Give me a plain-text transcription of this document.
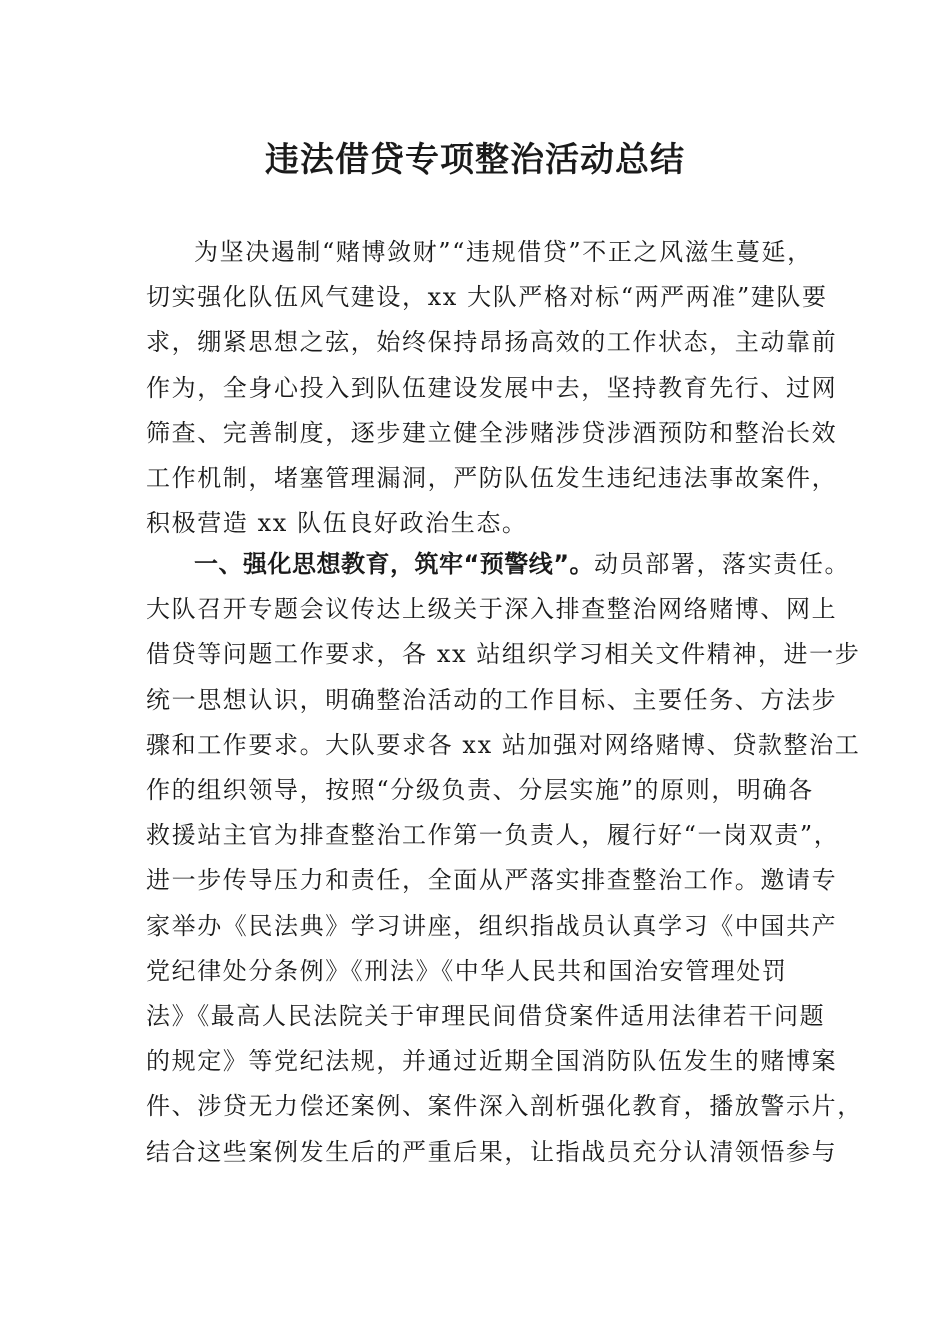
违法借贷专项整治活动总结
为坚决遏制“赌博敛财”“违规借贷”不正之风滋生蔓延，
切实强化队伍风气建设，xx 大队严格对标“两严两准”建队要
求，绷紧思想之弦，始终保持昂扬高效的工作状态，主动靠前
作为，全身心投入到队伍建设发展中去，坚持教育先行、过网
筛查、完善制度，逐步建立健全涉赌涉贷涉酒预防和整治长效
工作机制，堵塞管理漏洞，严防队伍发生违纪违法事故案件，
积极营造 xx 队伍良好政治生态。
一、强化思想教育，筑牢“预警线”。动员部署，落实责任。
大队召开专题会议传达上级关于深入排查整治网络赌博、网上
借贷等问题工作要求，各 xx 站组织学习相关文件精神，进一步
统一思想认识，明确整治活动的工作目标、主要任务、方法步
骤和工作要求。大队要求各 xx 站加强对网络赌博、贷款整治工
作的组织领导，按照“分级负责、分层实施”的原则，明确各
救援站主官为排查整治工作第一负责人，履行好“一岗双责”，
进一步传导压力和责任，全面从严落实排查整治工作。邀请专
家举办《民法典》学习讲座，组织指战员认真学习《中国共产
党纪律处分条例》《刑法》《中华人民共和国治安管理处罚
法》《最高人民法院关于审理民间借贷案件适用法律若干问题
的规定》等党纪法规，并通过近期全国消防队伍发生的赌博案
件、涉贷无力偿还案例、案件深入剖析强化教育，播放警示片，
结合这些案例发生后的严重后果，让指战员充分认清领悟参与
